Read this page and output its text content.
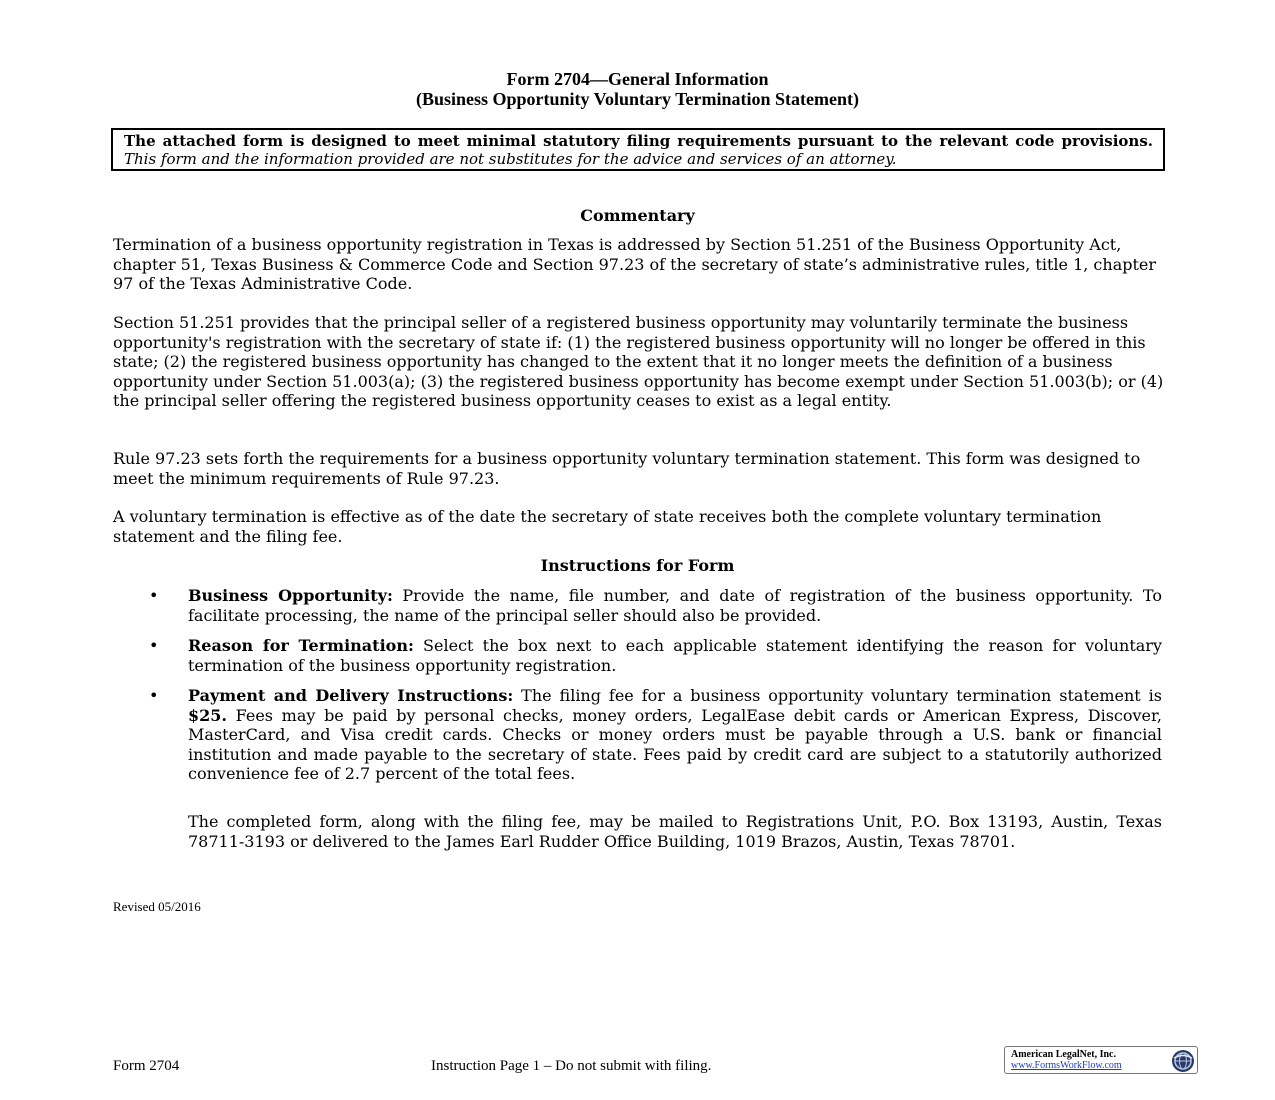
Form 2704—General Information
(Business Opportunity Voluntary Termination Statement)
The attached form is designed to meet minimal statutory filing requirements pursuant to the relevant code provisions. This form and the information provided are not substitutes for the advice and services of an attorney.
Commentary
Termination of a business opportunity registration in Texas is addressed by Section 51.251 of the Business Opportunity Act, chapter 51, Texas Business & Commerce Code and Section 97.23 of the secretary of state’s administrative rules, title 1, chapter 97 of the Texas Administrative Code.
Section 51.251 provides that the principal seller of a registered business opportunity may voluntarily terminate the business opportunity's registration with the secretary of state if: (1) the registered business opportunity will no longer be offered in this state; (2) the registered business opportunity has changed to the extent that it no longer meets the definition of a business opportunity under Section 51.003(a); (3) the registered business opportunity has become exempt under Section 51.003(b); or (4) the principal seller offering the registered business opportunity ceases to exist as a legal entity.
Rule 97.23 sets forth the requirements for a business opportunity voluntary termination statement. This form was designed to meet the minimum requirements of Rule 97.23.
A voluntary termination is effective as of the date the secretary of state receives both the complete voluntary termination statement and the filing fee.
Instructions for Form
• Business Opportunity: Provide the name, file number, and date of registration of the business opportunity. To facilitate processing, the name of the principal seller should also be provided.
• Reason for Termination: Select the box next to each applicable statement identifying the reason for voluntary termination of the business opportunity registration.
• Payment and Delivery Instructions: The filing fee for a business opportunity voluntary termination statement is $25. Fees may be paid by personal checks, money orders, LegalEase debit cards or American Express, Discover, MasterCard, and Visa credit cards. Checks or money orders must be payable through a U.S. bank or financial institution and made payable to the secretary of state. Fees paid by credit card are subject to a statutorily authorized convenience fee of 2.7 percent of the total fees.
The completed form, along with the filing fee, may be mailed to Registrations Unit, P.O. Box 13193, Austin, Texas 78711-3193 or delivered to the James Earl Rudder Office Building, 1019 Brazos, Austin, Texas 78701.
Revised 05/2016
Form 2704	Instruction Page 1 – Do not submit with filing.
American LegalNet, Inc.
www.FormsWorkFlow.com
